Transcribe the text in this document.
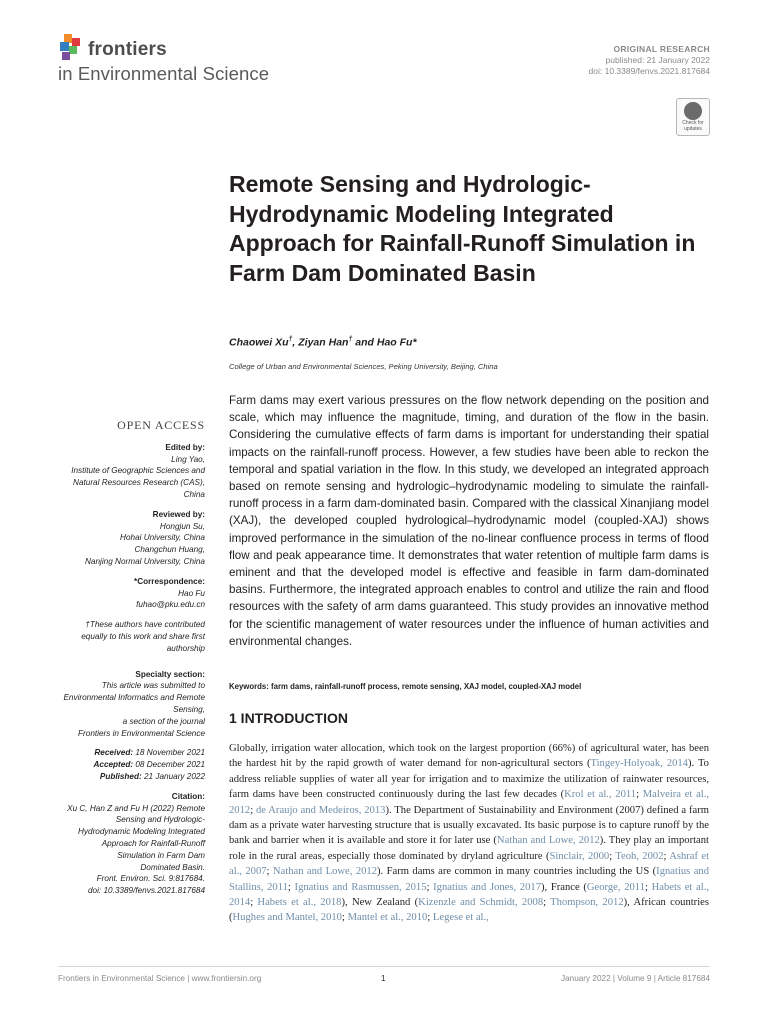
frontiers
in Environmental Science
ORIGINAL RESEARCH
published: 21 January 2022
doi: 10.3389/fenvs.2021.817684
Check for
updates
Remote Sensing and Hydrologic-Hydrodynamic Modeling Integrated Approach for Rainfall-Runoff Simulation in Farm Dam Dominated Basin
Chaowei Xu†, Ziyan Han† and Hao Fu*
College of Urban and Environmental Sciences, Peking University, Beijing, China
Farm dams may exert various pressures on the flow network depending on the position and scale, which may influence the magnitude, timing, and duration of the flow in the basin. Considering the cumulative effects of farm dams is important for understanding their spatial impacts on the rainfall-runoff process. However, a few studies have been able to reckon the temporal and spatial variation in the flow. In this study, we developed an integrated approach based on remote sensing and hydrologic–hydrodynamic modeling to simulate the rainfall-runoff process in a farm dam-dominated basin. Compared with the classical Xinanjiang model (XAJ), the developed coupled hydrological–hydrodynamic model (coupled-XAJ) shows improved performance in the simulation of the no-linear confluence process in terms of flood flow and peak appearance time. It demonstrates that water retention of multiple farm dams is eminent and that the developed model is effective and feasible in farm dam-dominated basins. Furthermore, the integrated approach enables to control and utilize the rain and flood resources with the safety of arm dams guaranteed. This study provides an innovative method for the scientific management of water resources under the influence of human activities and environmental changes.
Keywords: farm dams, rainfall-runoff process, remote sensing, XAJ model, coupled-XAJ model
1 INTRODUCTION
Globally, irrigation water allocation, which took on the largest proportion (66%) of agricultural water, has been the hardest hit by the rapid growth of water demand for non-agricultural sectors (Tingey-Holyoak, 2014). To address reliable supplies of water all year for irrigation and to maximize the utilization of rainwater resources, farm dams have been constructed continuously during the last few decades (Krol et al., 2011; Malveira et al., 2012; de Araujo and Medeiros, 2013). The Department of Sustainability and Environment (2007) defined a farm dam as a private water harvesting structure that is usually excavated. Its basic purpose is to capture runoff by the bank and barrier when it is available and store it for later use (Nathan and Lowe, 2012). They play an important role in the rural areas, especially those dominated by dryland agriculture (Sinclair, 2000; Teoh, 2002; Ashraf et al., 2007; Nathan and Lowe, 2012). Farm dams are common in many countries including the US (Ignatius and Stallins, 2011; Ignatius and Rasmussen, 2015; Ignatius and Jones, 2017), France (George, 2011; Habets et al., 2014; Habets et al., 2018), New Zealand (Kizenzle and Schmidt, 2008; Thompson, 2012), African countries (Hughes and Mantel, 2010; Mantel et al., 2010; Legese et al.,
OPEN ACCESS
Edited by:
Ling Yao,
Institute of Geographic Sciences and
Natural Resources Research (CAS),
China
Reviewed by:
Hongjun Su,
Hohai University, China
Changchun Huang,
Nanjing Normal University, China
*Correspondence:
Hao Fu
fuhao@pku.edu.cn
†These authors have contributed
equally to this work and share first
authorship
Specialty section:
This article was submitted to
Environmental Informatics and Remote
Sensing,
a section of the journal
Frontiers in Environmental Science
Received: 18 November 2021
Accepted: 08 December 2021
Published: 21 January 2022
Citation:
Xu C, Han Z and Fu H (2022) Remote
Sensing and Hydrologic-
Hydrodynamic Modeling Integrated
Approach for Rainfall-Runoff
Simulation in Farm Dam
Dominated Basin.
Front. Environ. Sci. 9:817684.
doi: 10.3389/fenvs.2021.817684
Frontiers in Environmental Science | www.frontiersin.org	1	January 2022 | Volume 9 | Article 817684
